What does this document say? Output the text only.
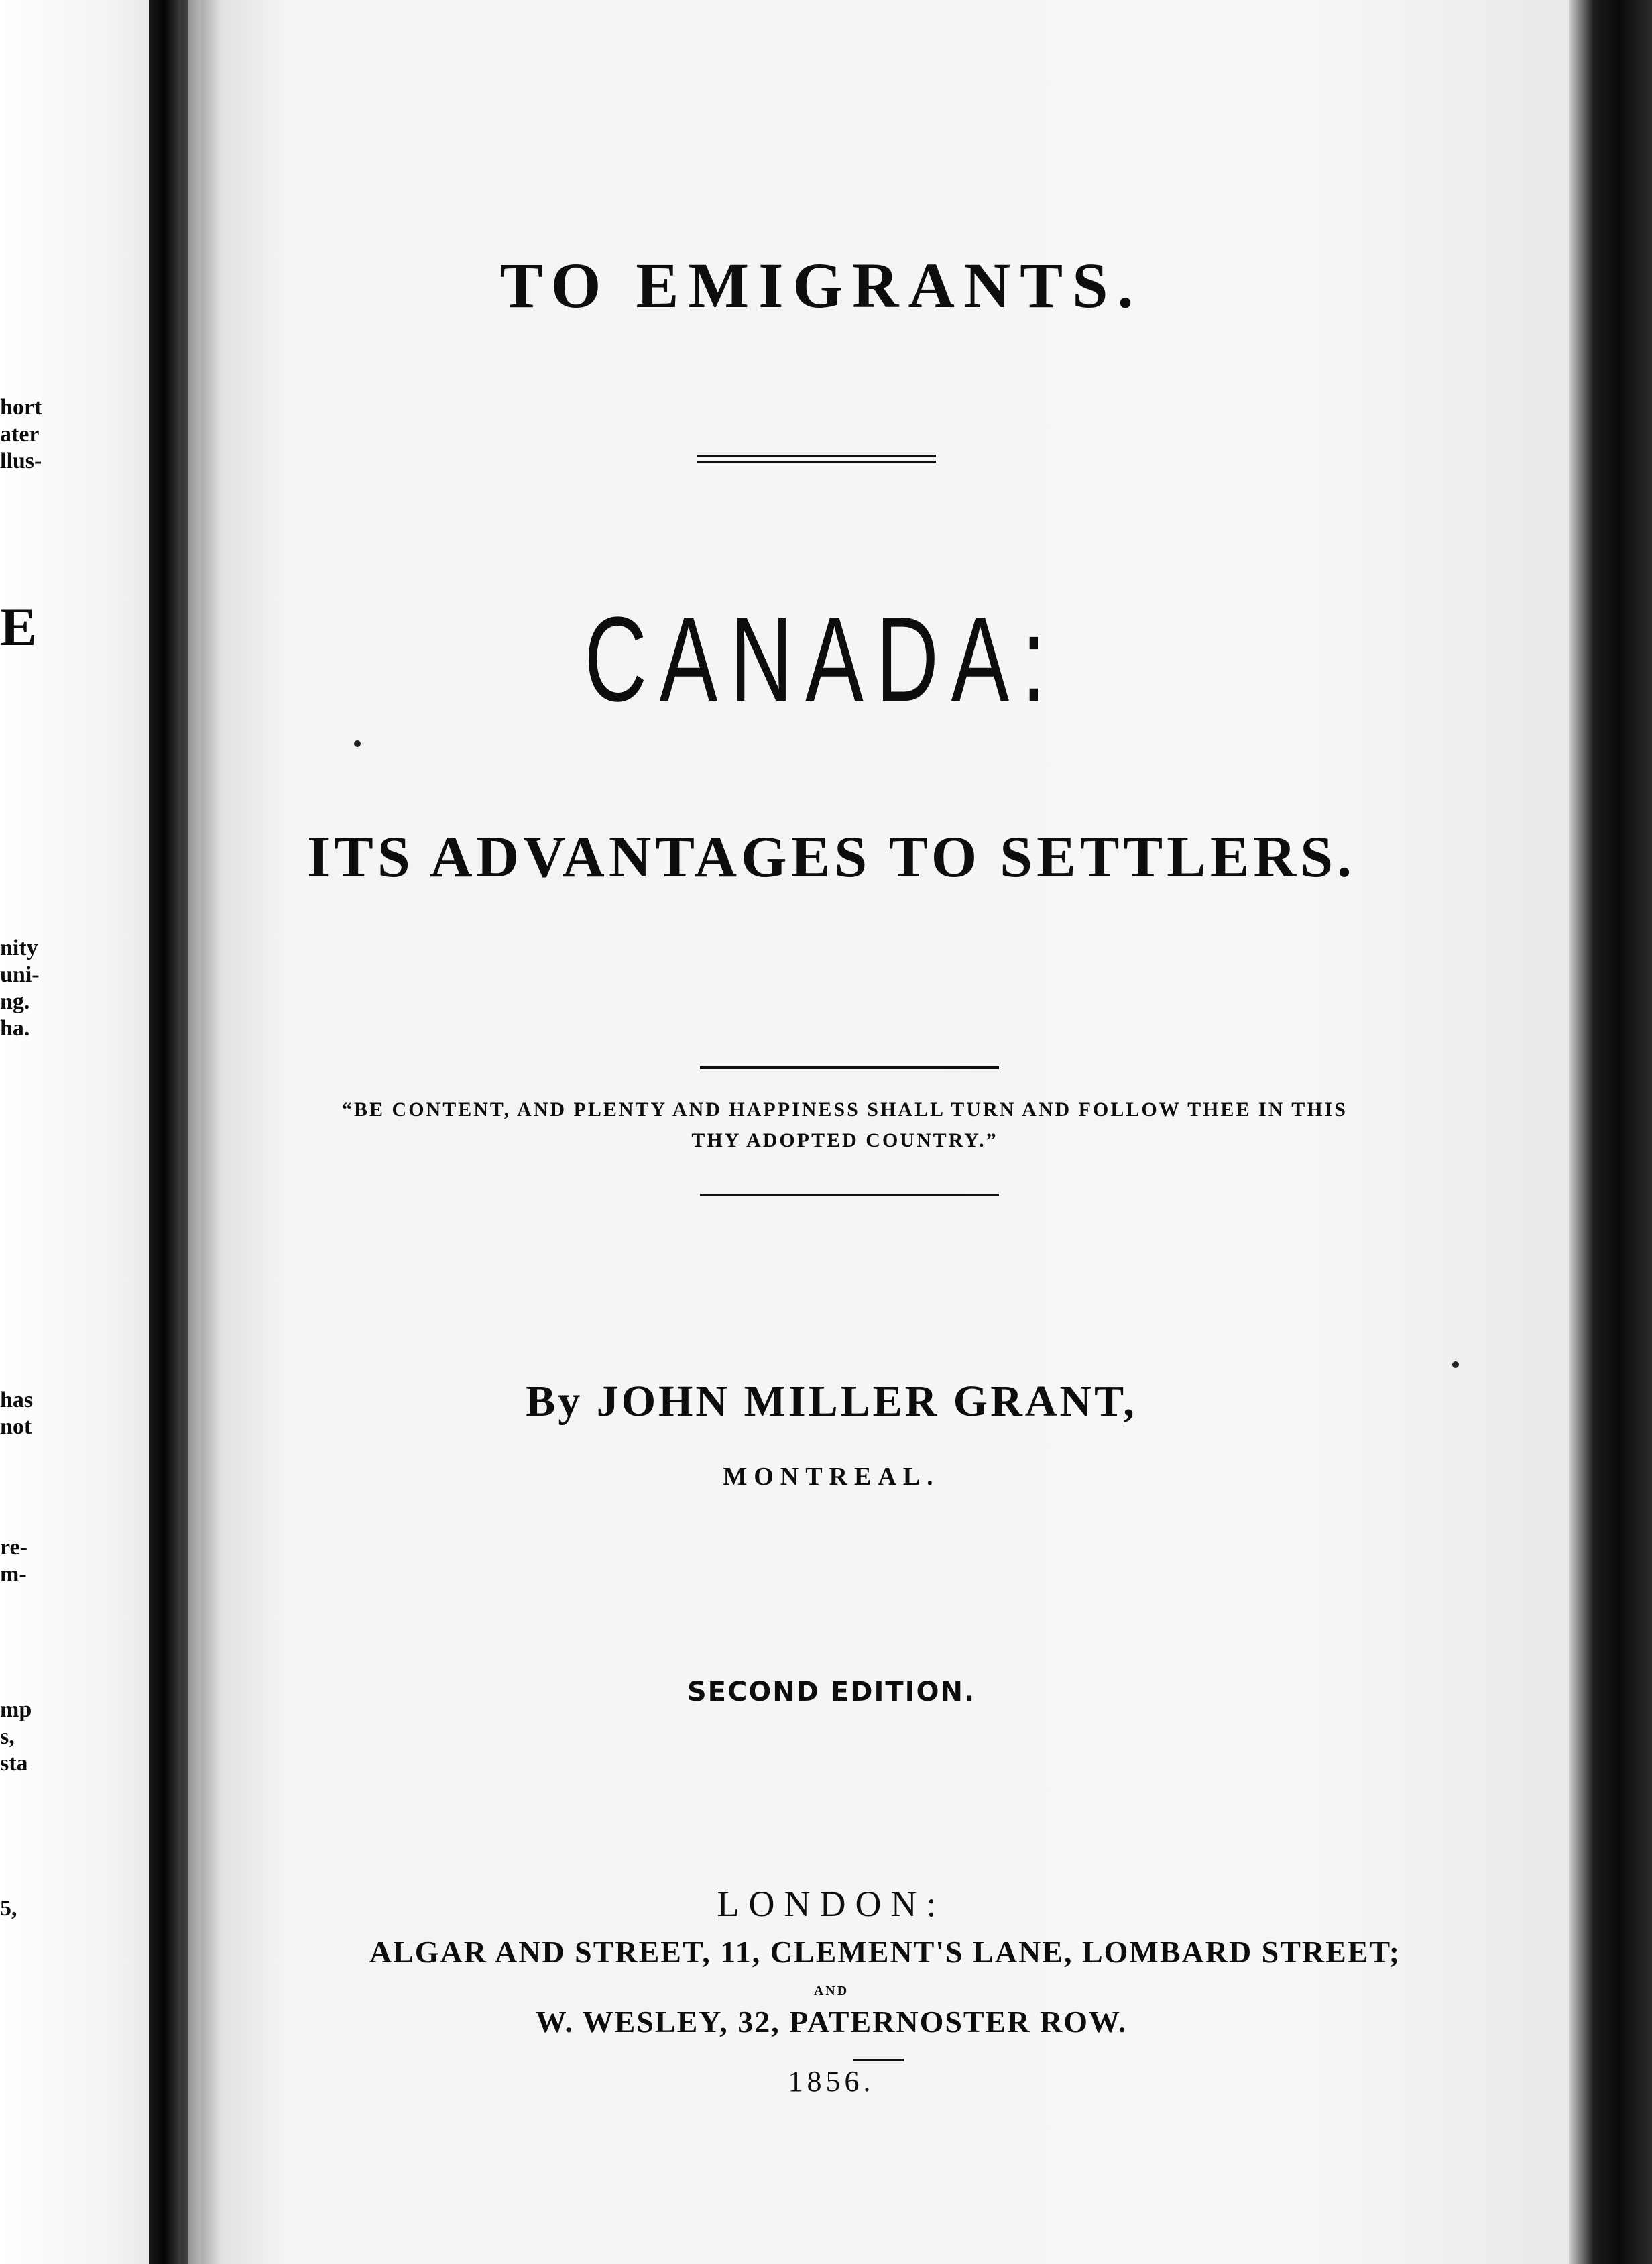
hort
ater
llus-
E
nity
uni-
ng.
ha.
has
not
re-
m-
mp
s,
sta
5,
TO EMIGRANTS.
CANADA:
ITS ADVANTAGES TO SETTLERS.
“BE CONTENT, AND PLENTY AND HAPPINESS SHALL TURN AND FOLLOW THEE IN THIS
THY ADOPTED COUNTRY.”
By JOHN MILLER GRANT,
MONTREAL.
SECOND EDITION.
LONDON:
ALGAR AND STREET, 11, CLEMENT'S LANE, LOMBARD STREET;
AND
W. WESLEY, 32, PATERNOSTER ROW.
1856.
